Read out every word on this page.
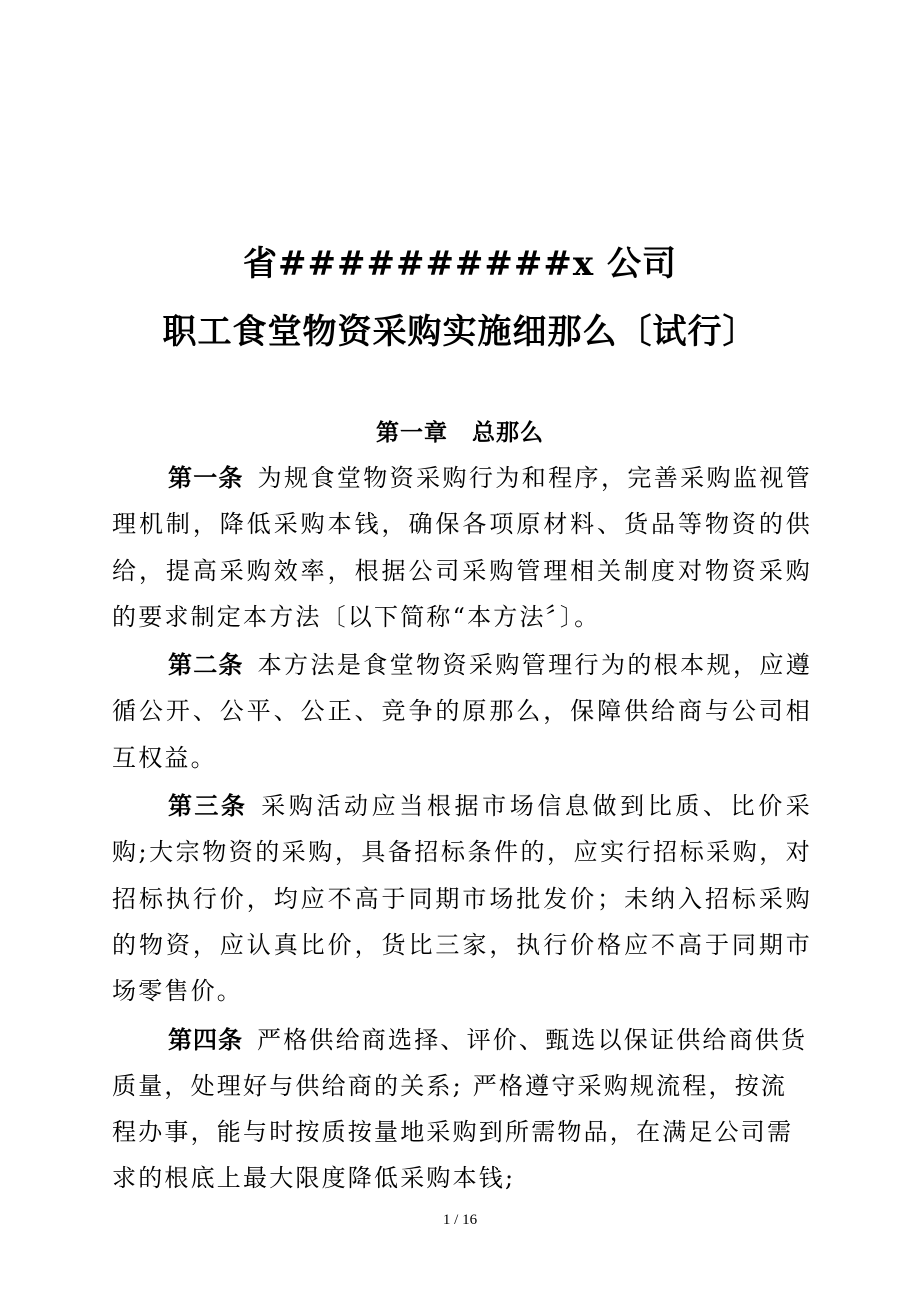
省##########x 公司
职工食堂物资采购实施细那么〔试行〕
第一章　总那么

第一条 为规食堂物资采购行为和程序，完善采购监视管理机制，降低采购本钱，确保各项原材料、货品等物资的供给，提高采购效率，根据公司采购管理相关制度对物资采购的要求制定本方法〔以下简称“本方法〞〕。

第二条 本方法是食堂物资采购管理行为的根本规，应遵循公开、公平、公正、竞争的原那么，保障供给商与公司相互权益。

第三条 采购活动应当根据市场信息做到比质、比价采购;大宗物资的采购，具备招标条件的，应实行招标采购，对招标执行价，均应不高于同期市场批发价；未纳入招标采购的物资，应认真比价，货比三家，执行价格应不高于同期市场零售价。

第四条 严格供给商选择、评价、甄选以保证供给商供货质量，处理好与供给商的关系; 严格遵守采购规流程，按流程办事，能与时按质按量地采购到所需物品，在满足公司需求的根底上最大限度降低采购本钱;

1 / 16
